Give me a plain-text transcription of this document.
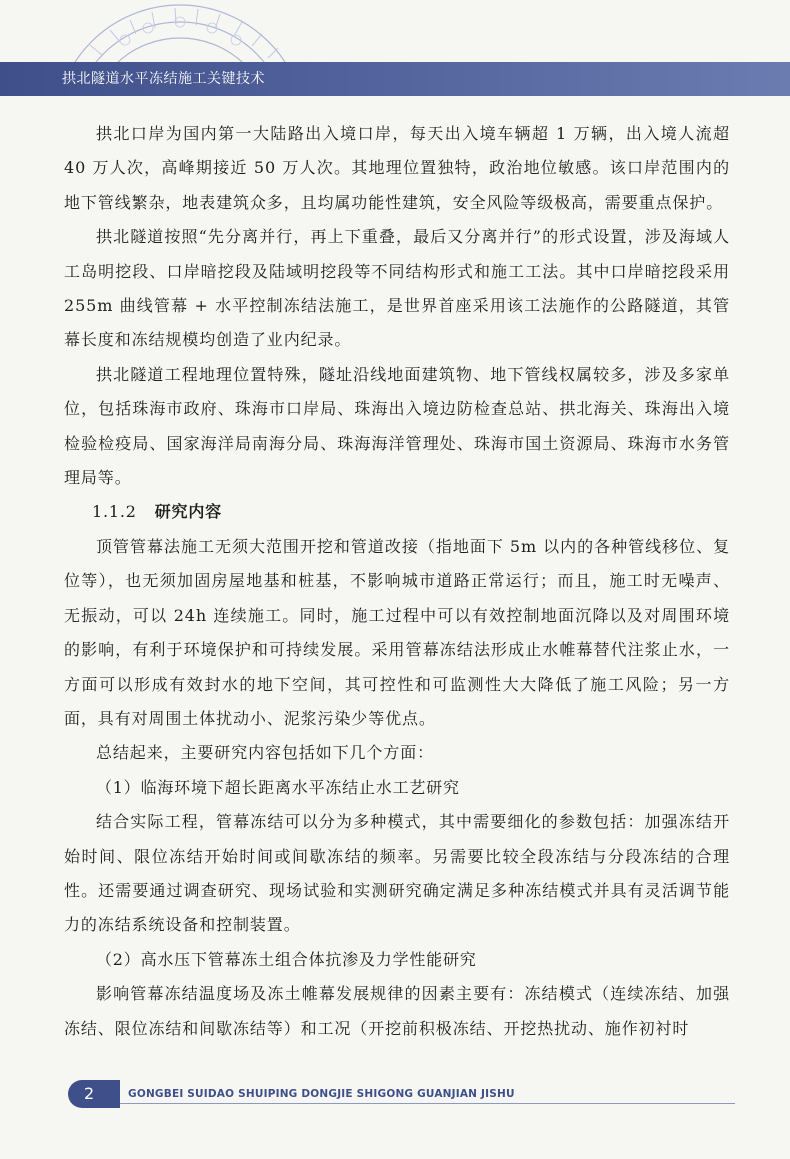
拱北隧道水平冻结施工关键技术

拱北口岸为国内第一大陆路出入境口岸，每天出入境车辆超 1 万辆，出入境人流超 40 万人次，高峰期接近 50 万人次。其地理位置独特，政治地位敏感。该口岸范围内的地下管线繁杂，地表建筑众多，且均属功能性建筑，安全风险等级极高，需要重点保护。

拱北隧道按照“先分离并行，再上下重叠，最后又分离并行”的形式设置，涉及海域人工岛明挖段、口岸暗挖段及陆域明挖段等不同结构形式和施工工法。其中口岸暗挖段采用 255m 曲线管幕 + 水平控制冻结法施工，是世界首座采用该工法施作的公路隧道，其管幕长度和冻结规模均创造了业内纪录。

拱北隧道工程地理位置特殊，隧址沿线地面建筑物、地下管线权属较多，涉及多家单位，包括珠海市政府、珠海市口岸局、珠海出入境边防检查总站、拱北海关、珠海出入境检验检疫局、国家海洋局南海分局、珠海海洋管理处、珠海市国土资源局、珠海市水务管理局等。

1.1.2 研究内容

顶管管幕法施工无须大范围开挖和管道改接（指地面下 5m 以内的各种管线移位、复位等），也无须加固房屋地基和桩基，不影响城市道路正常运行；而且，施工时无噪声、无振动，可以 24h 连续施工。同时，施工过程中可以有效控制地面沉降以及对周围环境的影响，有利于环境保护和可持续发展。采用管幕冻结法形成止水帷幕替代注浆止水，一方面可以形成有效封水的地下空间，其可控性和可监测性大大降低了施工风险；另一方面，具有对周围土体扰动小、泥浆污染少等优点。

总结起来，主要研究内容包括如下几个方面：

（1）临海环境下超长距离水平冻结止水工艺研究

结合实际工程，管幕冻结可以分为多种模式，其中需要细化的参数包括：加强冻结开始时间、限位冻结开始时间或间歇冻结的频率。另需要比较全段冻结与分段冻结的合理性。还需要通过调查研究、现场试验和实测研究确定满足多种冻结模式并具有灵活调节能力的冻结系统设备和控制装置。

（2）高水压下管幕冻土组合体抗渗及力学性能研究

影响管幕冻结温度场及冻土帷幕发展规律的因素主要有：冻结模式（连续冻结、加强冻结、限位冻结和间歇冻结等）和工况（开挖前积极冻结、开挖热扰动、施作初衬时

2	GONGBEI SUIDAO SHUIPING DONGJIE SHIGONG GUANJIAN JISHU
